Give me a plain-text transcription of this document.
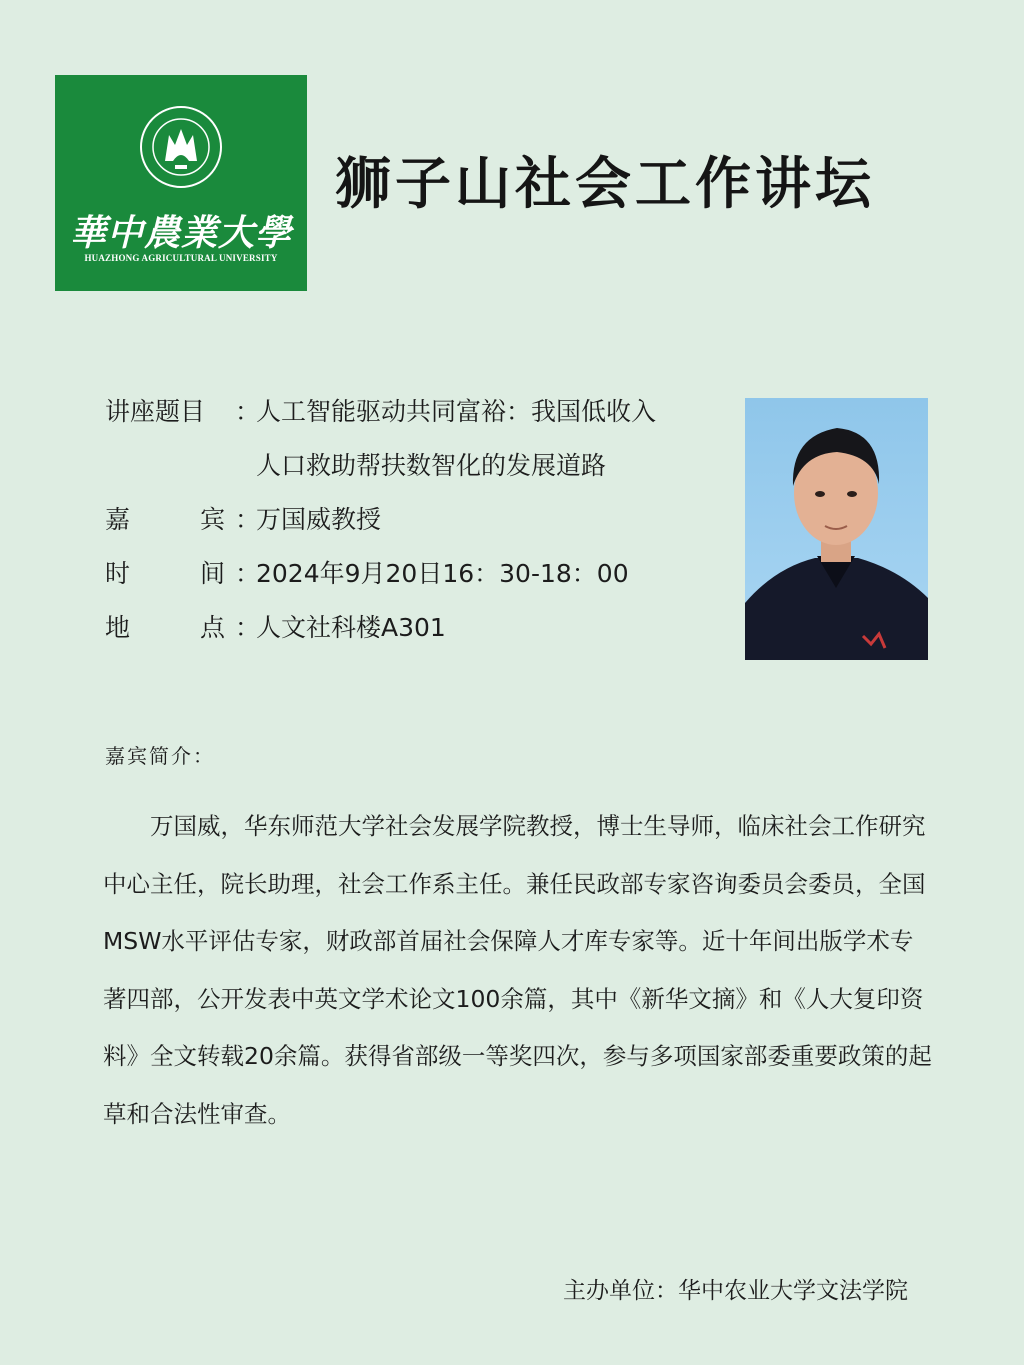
華中農業大學
HUAZHONG AGRICULTURAL UNIVERSITY
狮子山社会工作讲坛
讲座题目 ：
人工智能驱动共同富裕：我国低收入
人口救助帮扶数智化的发展道路
嘉	宾 ：
万国威教授
时	间 ：
2024年9月20日16：30-18：00
地	点 ：
人文社科楼A301
嘉宾简介：
万国威，华东师范大学社会发展学院教授，博士生导师，临床社会工作研究中心主任，院长助理，社会工作系主任。兼任民政部专家咨询委员会委员，全国MSW水平评估专家，财政部首届社会保障人才库专家等。近十年间出版学术专著四部，公开发表中英文学术论文100余篇，其中《新华文摘》和《人大复印资料》全文转载20余篇。获得省部级一等奖四次，参与多项国家部委重要政策的起草和合法性审查。
主办单位：华中农业大学文法学院
